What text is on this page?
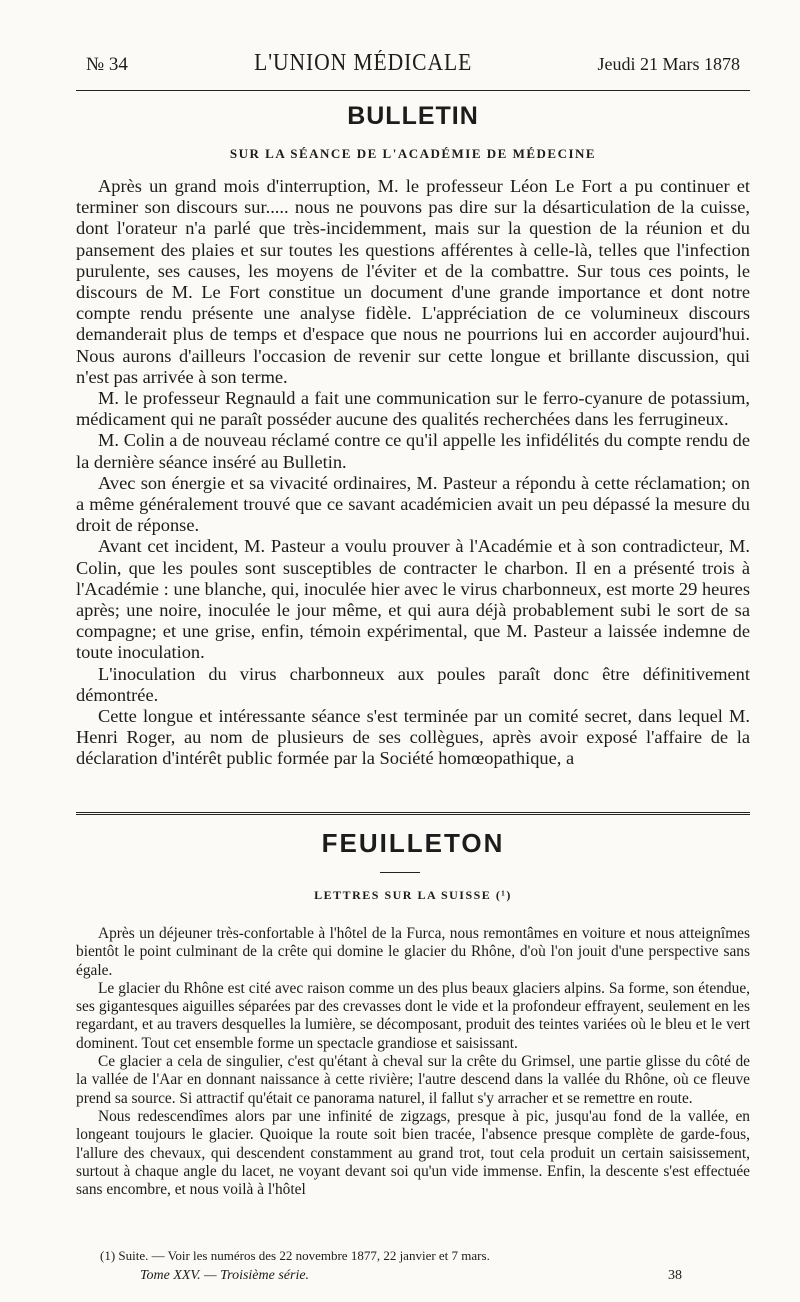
№ 34	L'UNION MÉDICALE	Jeudi 21 Mars 1878
BULLETIN
SUR LA SÉANCE DE L'ACADÉMIE DE MÉDECINE

Après un grand mois d'interruption, M. le professeur Léon Le Fort a pu continuer et terminer son discours sur..... nous ne pouvons pas dire sur la désarticulation de la cuisse, dont l'orateur n'a parlé que très-incidemment, mais sur la question de la réunion et du pansement des plaies et sur toutes les questions afférentes à celle-là, telles que l'infection purulente, ses causes, les moyens de l'éviter et de la combattre. Sur tous ces points, le discours de M. Le Fort constitue un document d'une grande importance et dont notre compte rendu présente une analyse fidèle. L'appréciation de ce volumineux discours demanderait plus de temps et d'espace que nous ne pourrions lui en accorder aujourd'hui. Nous aurons d'ailleurs l'occasion de revenir sur cette longue et brillante discussion, qui n'est pas arrivée à son terme.

M. le professeur Regnauld a fait une communication sur le ferro-cyanure de potassium, médicament qui ne paraît posséder aucune des qualités recherchées dans les ferrugineux.

M. Colin a de nouveau réclamé contre ce qu'il appelle les infidélités du compte rendu de la dernière séance inséré au Bulletin.

Avec son énergie et sa vivacité ordinaires, M. Pasteur a répondu à cette réclamation; on a même généralement trouvé que ce savant académicien avait un peu dépassé la mesure du droit de réponse.

Avant cet incident, M. Pasteur a voulu prouver à l'Académie et à son contradicteur, M. Colin, que les poules sont susceptibles de contracter le charbon. Il en a présenté trois à l'Académie : une blanche, qui, inoculée hier avec le virus charbonneux, est morte 29 heures après; une noire, inoculée le jour même, et qui aura déjà probablement subi le sort de sa compagne; et une grise, enfin, témoin expérimental, que M. Pasteur a laissée indemne de toute inoculation.

L'inoculation du virus charbonneux aux poules paraît donc être définitivement démontrée.

Cette longue et intéressante séance s'est terminée par un comité secret, dans lequel M. Henri Roger, au nom de plusieurs de ses collègues, après avoir exposé l'affaire de la déclaration d'intérêt public formée par la Société homœopathique, a

FEUILLETON
LETTRES SUR LA SUISSE (¹)

Après un déjeuner très-confortable à l'hôtel de la Furca, nous remontâmes en voiture et nous atteignîmes bientôt le point culminant de la crête qui domine le glacier du Rhône, d'où l'on jouit d'une perspective sans égale.

Le glacier du Rhône est cité avec raison comme un des plus beaux glaciers alpins. Sa forme, son étendue, ses gigantesques aiguilles séparées par des crevasses dont le vide et la profondeur effrayent, seulement en les regardant, et au travers desquelles la lumière, se décomposant, produit des teintes variées où le bleu et le vert dominent. Tout cet ensemble forme un spectacle grandiose et saisissant.

Ce glacier a cela de singulier, c'est qu'étant à cheval sur la crête du Grimsel, une partie glisse du côté de la vallée de l'Aar en donnant naissance à cette rivière; l'autre descend dans la vallée du Rhône, où ce fleuve prend sa source. Si attractif qu'était ce panorama naturel, il fallut s'y arracher et se remettre en route.

Nous redescendîmes alors par une infinité de zigzags, presque à pic, jusqu'au fond de la vallée, en longeant toujours le glacier. Quoique la route soit bien tracée, l'absence presque complète de garde-fous, l'allure des chevaux, qui descendent constamment au grand trot, tout cela produit un certain saisissement, surtout à chaque angle du lacet, ne voyant devant soi qu'un vide immense. Enfin, la descente s'est effectuée sans encombre, et nous voilà à l'hôtel

(1) Suite. — Voir les numéros des 22 novembre 1877, 22 janvier et 7 mars.
Tome XXV. — Troisième série.	38
